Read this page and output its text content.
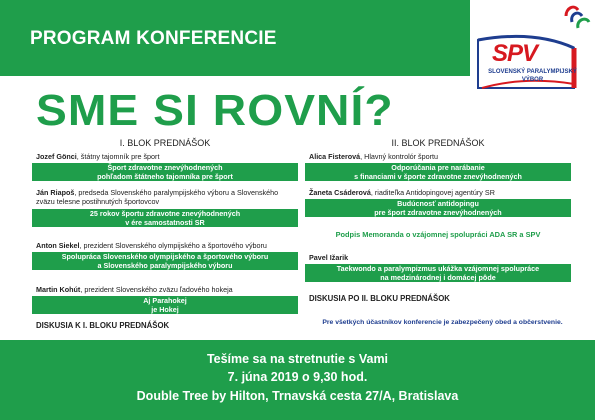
PROGRAM KONFERENCIE
SPV
SLOVENSKÝ PARALYMPIJSKÝ
VÝBOR
SME SI ROVNÍ?
I. BLOK PREDNÁŠOK
Jozef Gönci, štátny tajomník pre šport
Šport zdravotne znevýhodnených
pohľadom štátneho tajomníka pre šport
Ján Riapoš, predseda Slovenského paralympijského výboru a Slovenského
zväzu telesne postihnutých športovcov
25 rokov športu zdravotne znevýhodnených
v ére samostatnosti SR
Anton Siekel, prezident Slovenského olympijského a športového výboru
Spolupráca Slovenského olympijského a športového výboru
a Slovenského paralympijského výboru
Martin Kohút, prezident Slovenského zväzu ľadového hokeja
Aj Parahokej
je Hokej
DISKUSIA K I. BLOKU PREDNÁŠOK
II. BLOK PREDNÁŠOK
Alica Fisterová, Hlavný kontrolór športu
Odporúčania pre narábanie
s financiami v športe zdravotne znevýhodnených
Žaneta Csáderová, riaditeľka Antidopingovej agentúry SR
Budúcnosť antidopingu
pre šport zdravotne znevýhodnených
Podpis Memoranda o vzájomnej spolupráci ADA SR a SPV
Pavel Ižarik
Taekwondo a paralympizmus ukážka vzájomnej spolupráce
na medzinárodnej i domácej pôde
DISKUSIA PO II. BLOKU PREDNÁŠOK
Pre všetkých účastníkov konferencie je zabezpečený obed a občerstvenie.
Tešíme sa na stretnutie s Vami
7. júna 2019 o 9,30 hod.
Double Tree by Hilton, Trnavská cesta 27/A, Bratislava
